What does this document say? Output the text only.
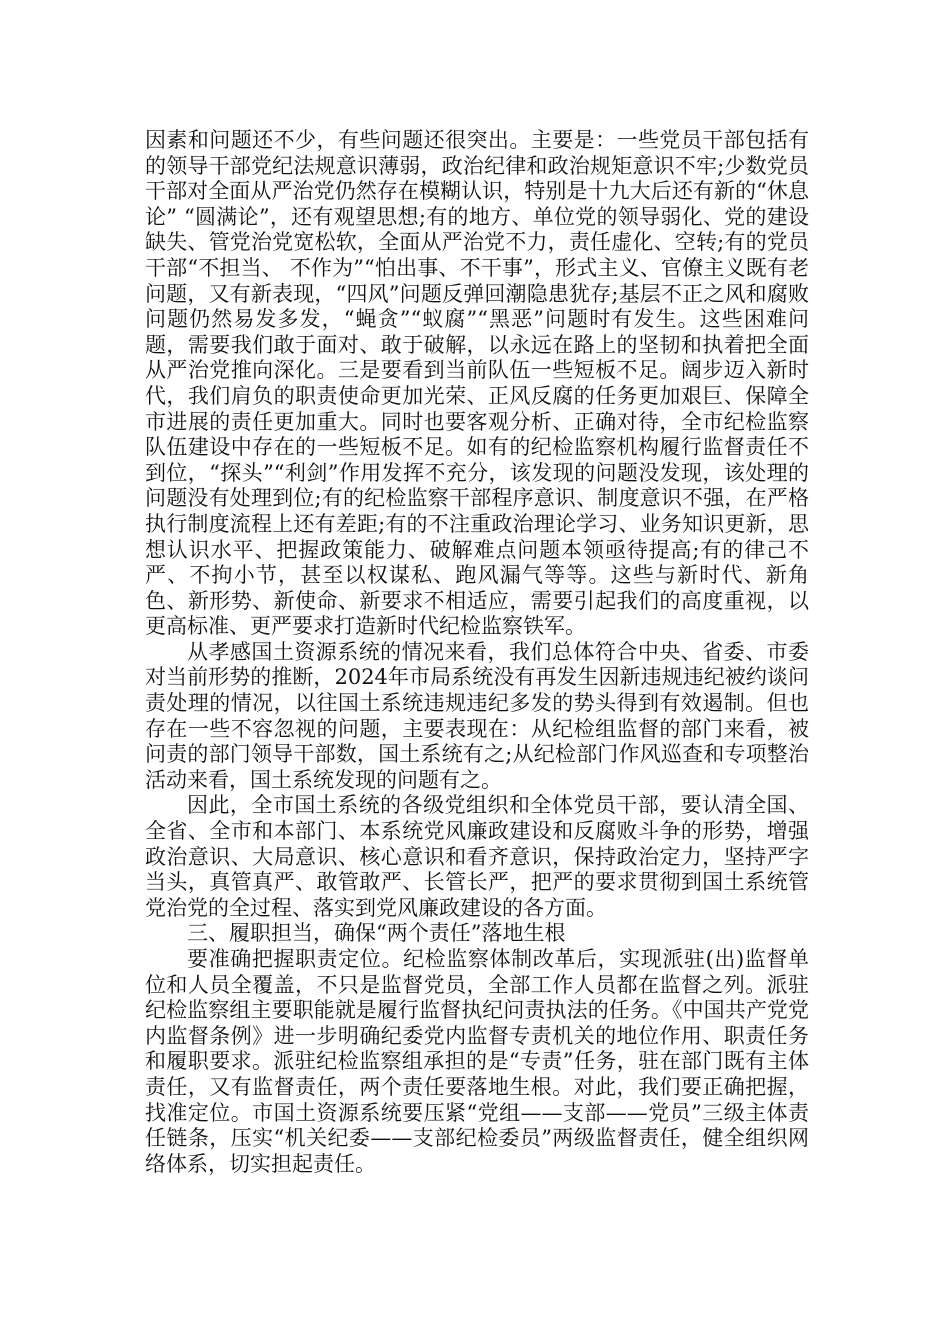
因素和问题还不少，有些问题还很突出。主要是：一些党员干部包括有的领导干部党纪法规意识薄弱，政治纪律和政治规矩意识不牢;少数党员干部对全面从严治党仍然存在模糊认识，特别是十九大后还有新的“休息论” “圆满论”，还有观望思想;有的地方、单位党的领导弱化、党的建设缺失、管党治党宽松软，全面从严治党不力，责任虚化、空转;有的党员干部“不担当、 不作为”“怕出事、不干事”，形式主义、官僚主义既有老问题，又有新表现，“四风”问题反弹回潮隐患犹存;基层不正之风和腐败问题仍然易发多发，“蝇贪”“蚁腐”“黑恶”问题时有发生。这些困难问题，需要我们敢于面对、敢于破解，以永远在路上的坚韧和执着把全面从严治党推向深化。三是要看到当前队伍一些短板不足。阔步迈入新时代，我们肩负的职责使命更加光荣、正风反腐的任务更加艰巨、保障全市进展的责任更加重大。同时也要客观分析、正确对待，全市纪检监察队伍建设中存在的一些短板不足。如有的纪检监察机构履行监督责任不到位，“探头”“利剑”作用发挥不充分，该发现的问题没发现，该处理的问题没有处理到位;有的纪检监察干部程序意识、制度意识不强，在严格执行制度流程上还有差距;有的不注重政治理论学习、业务知识更新，思想认识水平、把握政策能力、破解难点问题本领亟待提高;有的律己不严、不拘小节，甚至以权谋私、跑风漏气等等。这些与新时代、新角色、新形势、新使命、新要求不相适应，需要引起我们的高度重视，以更高标准、更严要求打造新时代纪检监察铁军。

从孝感国土资源系统的情况来看，我们总体符合中央、省委、市委对当前形势的推断，2024年市局系统没有再发生因新违规违纪被约谈问责处理的情况，以往国土系统违规违纪多发的势头得到有效遏制。但也存在一些不容忽视的问题，主要表现在：从纪检组监督的部门来看，被问责的部门领导干部数，国土系统有之;从纪检部门作风巡查和专项整治活动来看，国土系统发现的问题有之。

因此，全市国土系统的各级党组织和全体党员干部，要认清全国、全省、全市和本部门、本系统党风廉政建设和反腐败斗争的形势，增强政治意识、大局意识、核心意识和看齐意识，保持政治定力，坚持严字当头，真管真严、敢管敢严、长管长严，把严的要求贯彻到国土系统管党治党的全过程、落实到党风廉政建设的各方面。

三、履职担当，确保“两个责任”落地生根

要准确把握职责定位。纪检监察体制改革后，实现派驻(出)监督单位和人员全覆盖，不只是监督党员，全部工作人员都在监督之列。派驻纪检监察组主要职能就是履行监督执纪问责执法的任务。《中国共产党党内监督条例》进一步明确纪委党内监督专责机关的地位作用、职责任务和履职要求。派驻纪检监察组承担的是“专责”任务，驻在部门既有主体责任，又有监督责任，两个责任要落地生根。对此，我们要正确把握，找准定位。市国土资源系统要压紧“党组——支部——党员”三级主体责任链条，压实“机关纪委——支部纪检委员”两级监督责任，健全组织网络体系，切实担起责任。
